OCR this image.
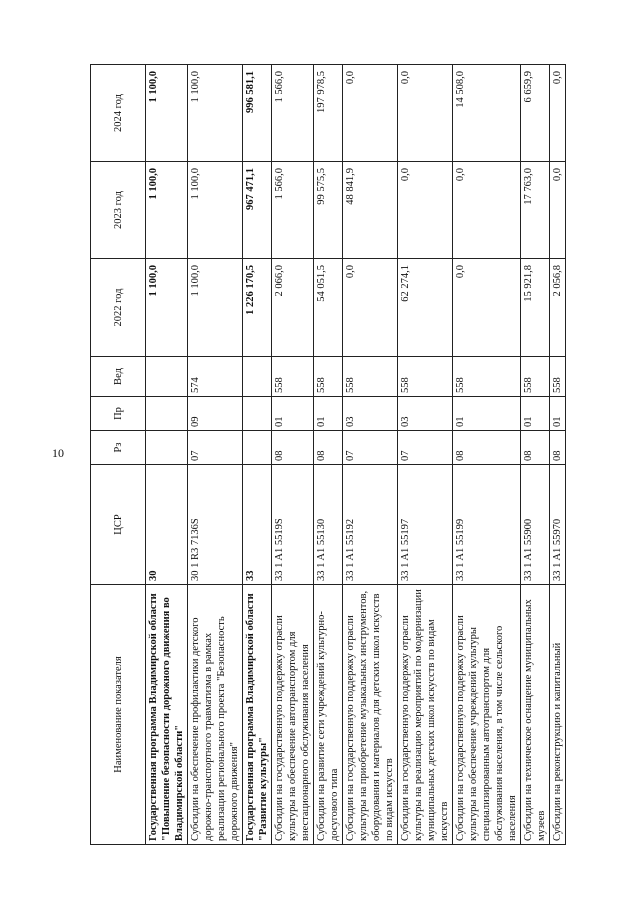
10
Наименование показателя	ЦСР	Рз	Пр	Вед	2022 год	2023 год	2024 год
Государственная программа Владимирской области "Повышение безопасности дорожного движения во Владимирской области"	30				1 100,0	1 100,0	1 100,0
Субсидии на обеспечение профилактики детского дорожно-транспортного травматизма в рамках реализации регионального проекта "Безопасность дорожного движения"	30 1 R3 7136S	07	09	574	1 100,0	1 100,0	1 100,0
Государственная программа Владимирской области "Развитие культуры"	33				1 226 170,5	967 471,1	996 581,1
Субсидии на государственную поддержку отрасли культуры на обеспечение автотранспортом для внестационарного обслуживания населения	33 1 A1 5519S	08	01	558	2 066,0	1 566,0	1 566,0
Субсидии на развитие сети учреждений культурно-досугового типа	33 1 A1 55130	08	01	558	54 051,5	99 575,5	197 978,5
Субсидии на государственную поддержку отрасли культуры на приобретение музыкальных инструментов, оборудования и материалов для детских школ искусств по видам искусств	33 1 A1 55192	07	03	558	0,0	48 841,9	0,0
Субсидии на государственную поддержку отрасли культуры на реализацию мероприятий по модернизации муниципальных детских школ искусств по видам искусств	33 1 A1 55197	07	03	558	62 274,1	0,0	0,0
Субсидии на государственную поддержку отрасли культуры на обеспечение учреждений культуры специализированным автотранспортом для обслуживания населения, в том числе сельского населения	33 1 A1 55199	08	01	558	0,0	0,0	14 508,0
Субсидии на техническое оснащение муниципальных музеев	33 1 A1 55900	08	01	558	15 921,8	17 763,0	6 659,9
Субсидии на реконструкцию и капитальный	33 1 A1 55970	08	01	558	2 056,8	0,0	0,0
